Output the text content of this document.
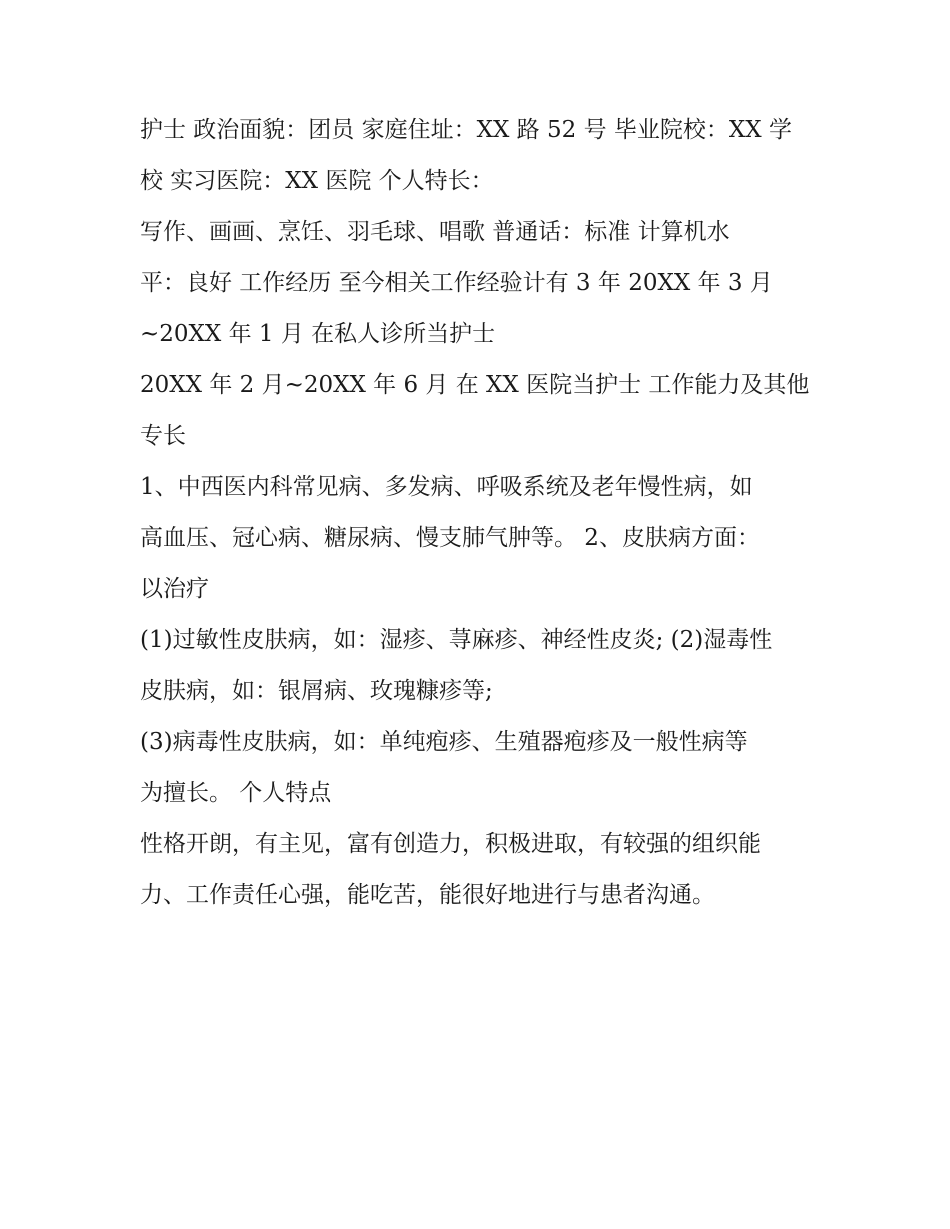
护士 政治面貌：团员 家庭住址：XX 路 52 号 毕业院校：XX 学
校 实习医院：XX 医院 个人特长：
写作、画画、烹饪、羽毛球、唱歌 普通话：标准 计算机水
平：良好 工作经历 至今相关工作经验计有 3 年 20XX 年 3 月
~20XX 年 1 月 在私人诊所当护士
20XX 年 2 月~20XX 年 6 月 在 XX 医院当护士 工作能力及其他
专长
1、中西医内科常见病、多发病、呼吸系统及老年慢性病，如
高血压、冠心病、糖尿病、慢支肺气肿等。 2、皮肤病方面：
以治疗
(1)过敏性皮肤病，如：湿疹、荨麻疹、神经性皮炎; (2)湿毒性
皮肤病，如：银屑病、玫瑰糠疹等;
(3)病毒性皮肤病，如：单纯疱疹、生殖器疱疹及一般性病等
为擅长。 个人特点
性格开朗，有主见，富有创造力，积极进取，有较强的组织能
力、工作责任心强，能吃苦，能很好地进行与患者沟通。
